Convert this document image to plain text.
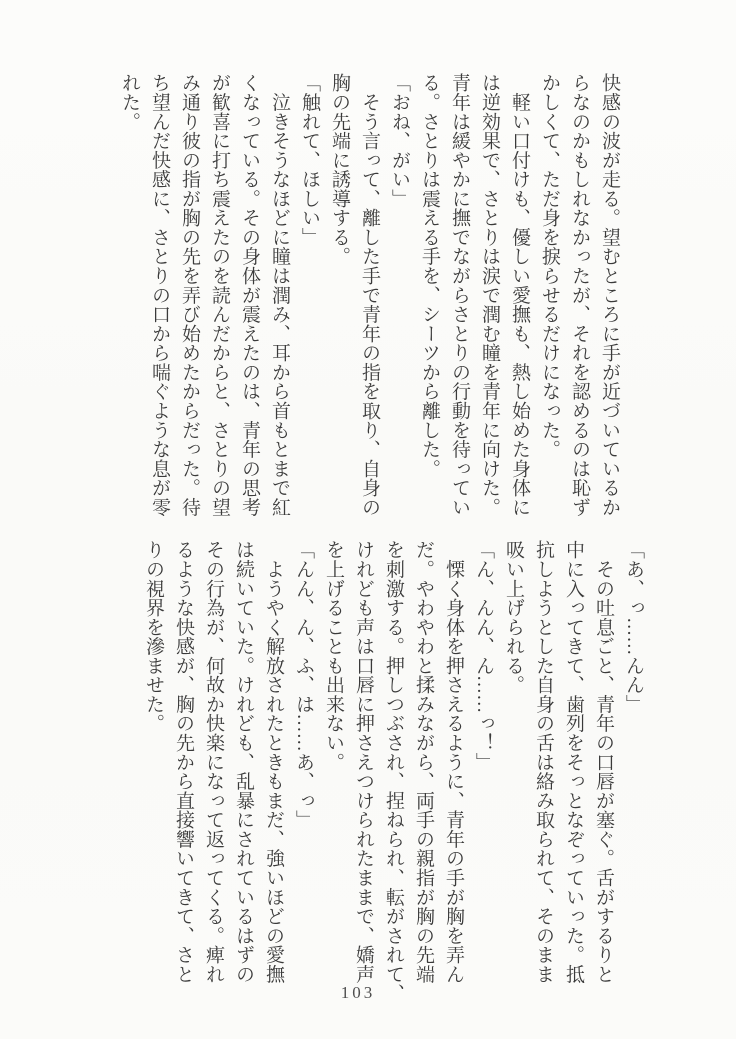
快感の波が走る。望むところに手が近づいているか
らなのかもしれなかったが、それを認めるのは恥ず
かしくて、ただ身を捩らせるだけになった。
　軽い口付けも、優しい愛撫も、熱し始めた身体に
は逆効果で、さとりは涙で潤む瞳を青年に向けた。
青年は緩やかに撫でながらさとりの行動を待ってい
る。さとりは震える手を、シーツから離した。
「おね、がい」
　そう言って、離した手で青年の指を取り、自身の
胸の先端に誘導する。
「触れて、ほしい」
　泣きそうなほどに瞳は潤み、耳から首もとまで紅
くなっている。その身体が震えたのは、青年の思考
が歓喜に打ち震えたのを読んだからと、さとりの望
み通り彼の指が胸の先を弄び始めたからだった。待
ち望んだ快感に、さとりの口から喘ぐような息が零
れた。
「あ、っ……んん」
　その吐息ごと、青年の口唇が塞ぐ。舌がするりと
中に入ってきて、歯列をそっとなぞっていった。抵
抗しようとした自身の舌は絡み取られて、そのまま
吸い上げられる。
「ん、んん、ん……っ！」
　慄く身体を押さえるように、青年の手が胸を弄ん
だ。やわやわと揉みながら、両手の親指が胸の先端
を刺激する。押しつぶされ、捏ねられ、転がされて、
けれども声は口唇に押さえつけられたままで、嬌声
を上げることも出来ない。
「んん、ん、ふ、は……あ、っ」
　ようやく解放されたときもまだ、強いほどの愛撫
は続いていた。けれども、乱暴にされているはずの
その行為が、何故か快楽になって返ってくる。痺れ
るような快感が、胸の先から直接響いてきて、さと
りの視界を滲ませた。
103
